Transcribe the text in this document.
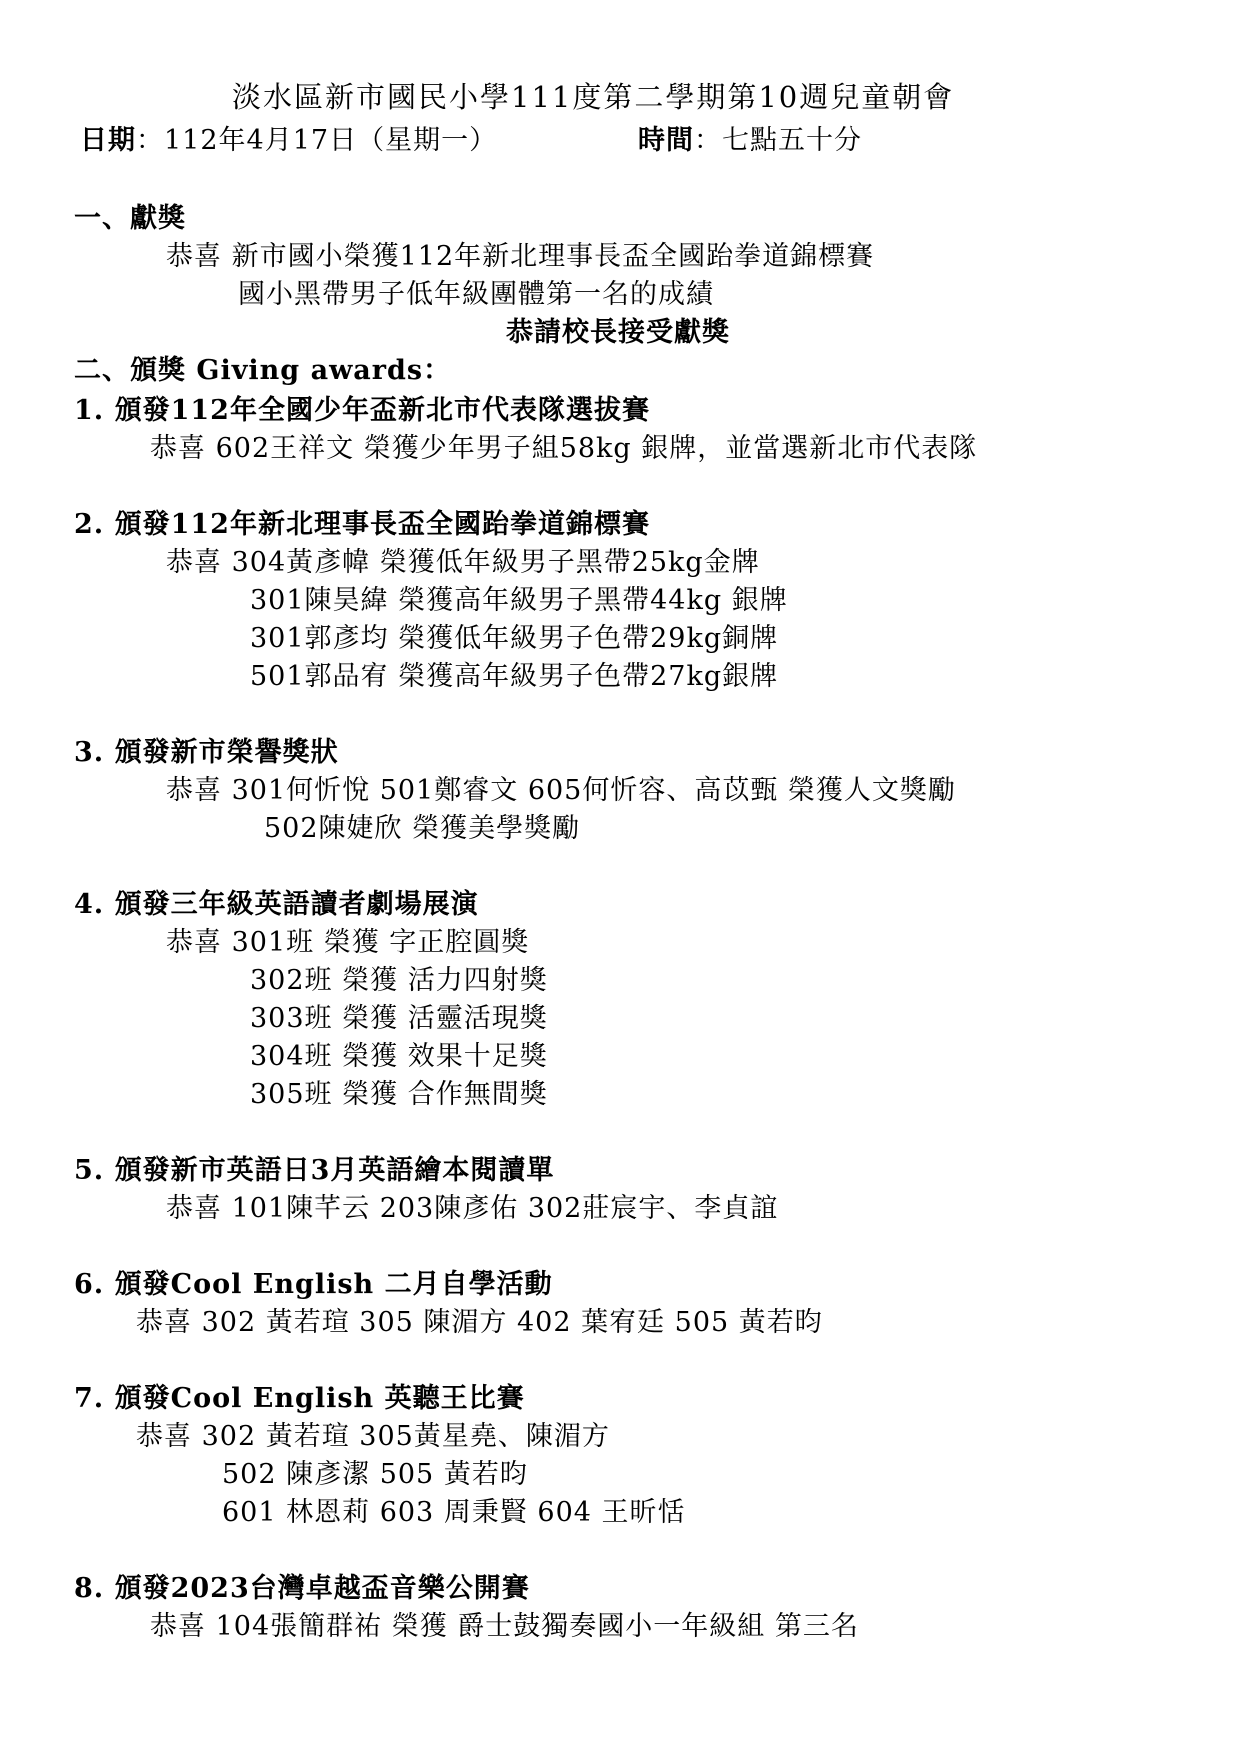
淡水區新市國民小學111度第二學期第10週兒童朝會
日期：112年4月17日（星期一）	時間：七點五十分
一、獻獎
恭喜 新市國小榮獲112年新北理事長盃全國跆拳道錦標賽
國小黑帶男子低年級團體第一名的成績
恭請校長接受獻獎
二、頒獎 Giving awards：
1. 頒發112年全國少年盃新北市代表隊選拔賽
恭喜 602王祥文 榮獲少年男子組58kg 銀牌，並當選新北市代表隊
2. 頒發112年新北理事長盃全國跆拳道錦標賽
恭喜 304黃彥幃 榮獲低年級男子黑帶25kg金牌
301陳昊緯 榮獲高年級男子黑帶44kg 銀牌
301郭彥均 榮獲低年級男子色帶29kg銅牌
501郭品宥 榮獲高年級男子色帶27kg銀牌
3. 頒發新市榮譽獎狀
恭喜 301何忻悅 501鄭睿文 605何忻容、高苡甄 榮獲人文獎勵
502陳婕欣 榮獲美學獎勵
4. 頒發三年級英語讀者劇場展演
恭喜 301班 榮獲 字正腔圓獎
302班 榮獲 活力四射獎
303班 榮獲 活靈活現獎
304班 榮獲 效果十足獎
305班 榮獲 合作無間獎
5. 頒發新市英語日3月英語繪本閱讀單
恭喜 101陳芊云 203陳彥佑 302莊宸宇、李貞誼
6. 頒發Cool English 二月自學活動
恭喜 302 黃若瑄 305 陳湄方 402 葉宥廷 505 黃若昀
7. 頒發Cool English 英聽王比賽
恭喜 302 黃若瑄 305黃星堯、陳湄方
502 陳彥潔 505 黃若昀
601 林恩莉 603 周秉賢 604 王昕恬
8. 頒發2023台灣卓越盃音樂公開賽
恭喜 104張簡群祐 榮獲 爵士鼓獨奏國小一年級組 第三名
